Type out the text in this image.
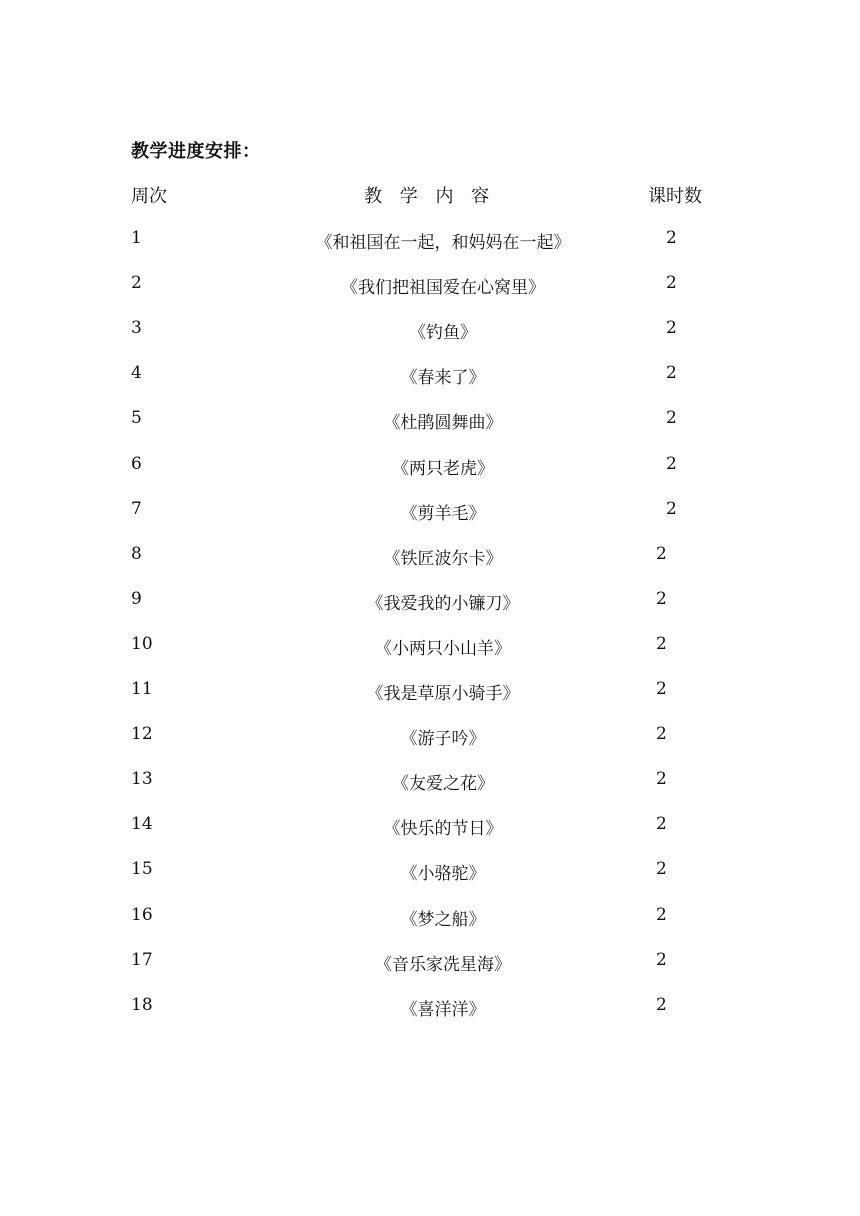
教学进度安排：
周次	教 学 内 容	课时数
1	《和祖国在一起，和妈妈在一起》	2
2	《我们把祖国爱在心窝里》	2
3	《钓鱼》	2
4	《春来了》	2
5	《杜鹃圆舞曲》	2
6	《两只老虎》	2
7	《剪羊毛》	2
8	《铁匠波尔卡》	2
9	《我爱我的小镰刀》	2
10	《小两只小山羊》	2
11	《我是草原小骑手》	2
12	《游子吟》	2
13	《友爱之花》	2
14	《快乐的节日》	2
15	《小骆驼》	2
16	《梦之船》	2
17	《音乐家冼星海》	2
18	《喜洋洋》	2
